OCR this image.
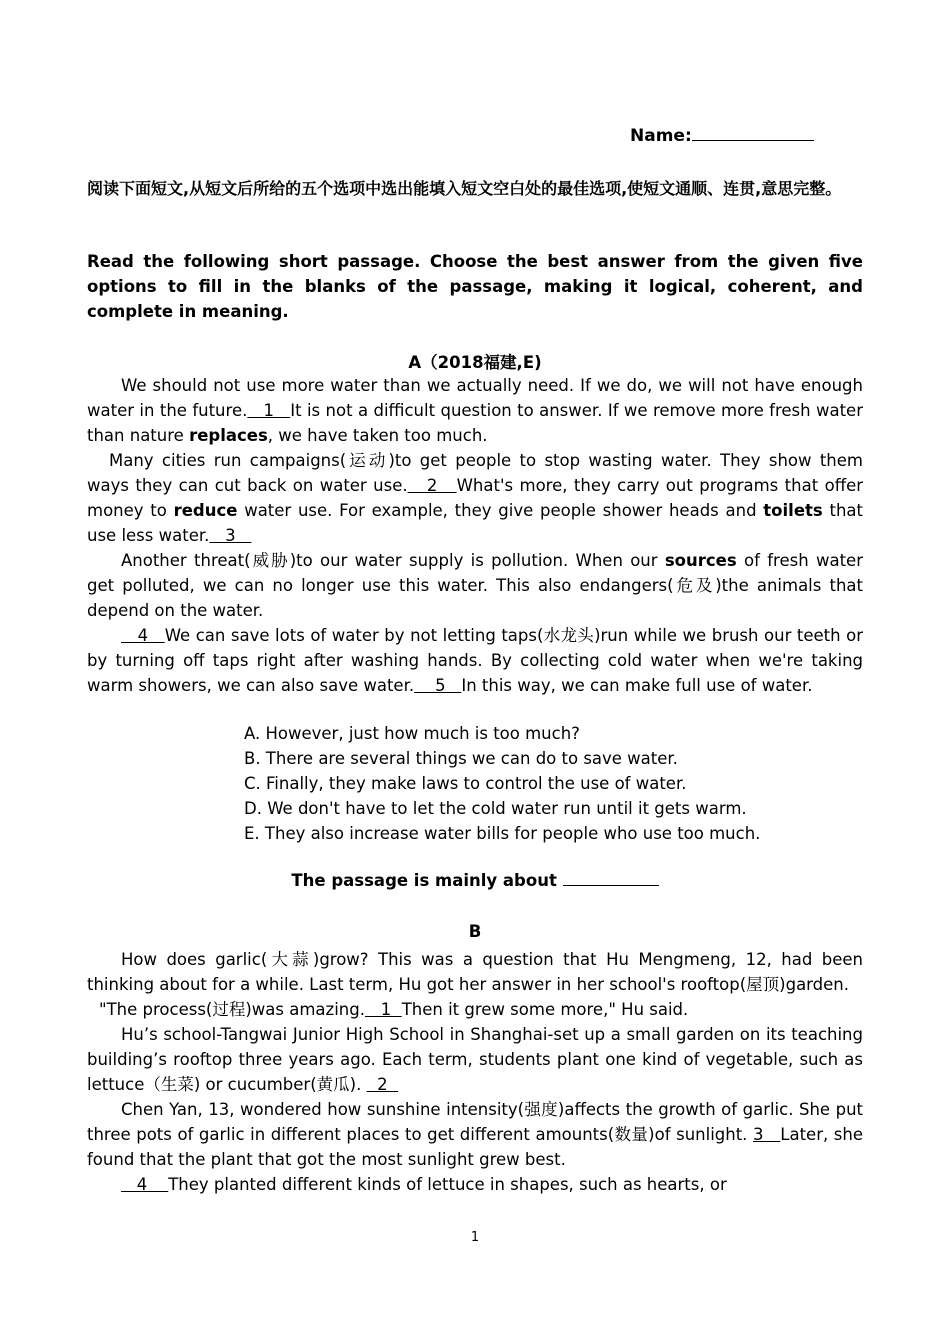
Name:
阅读下面短文,从短文后所给的五个选项中选出能填入短文空白处的最佳选项,使短文通顺、连贯,意思完整。
Read the following short passage. Choose the best answer from the given five options to fill in the blanks of the passage, making it logical, coherent, and complete in meaning.
A（2018福建,E)

We should not use more water than we actually need. If we do, we will not have enough water in the future.   1   It is not a difficult question to answer. If we remove more fresh water than nature replaces, we have taken too much.

Many cities run campaigns(运动)to get people to stop wasting water. They show them ways they can cut back on water use.   2   What's more, they carry out programs that offer money to reduce water use. For example, they give people shower heads and toilets that use less water.   3

Another threat(威胁)to our water supply is pollution. When our sources of fresh water get polluted, we can no longer use this water. This also endangers(危及)the animals that depend on the water.

4   We can save lots of water by not letting taps(水龙头)run while we brush our teeth or by turning off taps right after washing hands. By collecting cold water when we're taking warm showers, we can also save water.    5   In this way, we can make full use of water.

A. However, just how much is too much?
B. There are several things we can do to save water.
C. Finally, they make laws to control the use of water.
D. We don't have to let the cold water run until it gets warm.
E. They also increase water bills for people who use too much.
The passage is mainly about
B

How does garlic(大蒜)grow? This was a question that Hu Mengmeng, 12, had been thinking about for a while. Last term, Hu got her answer in her school's rooftop(屋顶)garden.

"The process(过程)was amazing.   1  Then it grew some more," Hu said.

Hu’s school-Tangwai Junior High School in Shanghai-set up a small garden on its teaching building’s rooftop three years ago. Each term, students plant one kind of vegetable, such as lettuce（生菜) or cucumber(黄瓜).   2

Chen Yan, 13, wondered how sunshine intensity(强度)affects the growth of garlic. She put three pots of garlic in different places to get different amounts(数量)of sunlight. 3   Later, she found that the plant that got the most sunlight grew best.

4    They planted different kinds of lettuce in shapes, such as hearts, or

1
